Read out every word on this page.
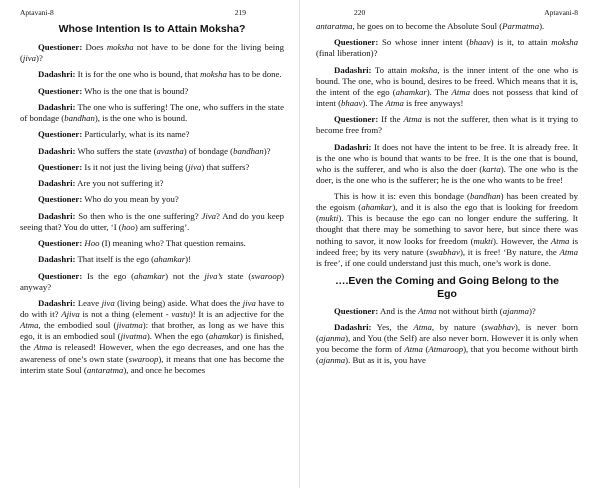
Aptavani-8	219
Whose Intention Is to Attain Moksha?

Questioner: Does moksha not have to be done for the living being (jiva)?

Dadashri: It is for the one who is bound, that moksha has to be done.

Questioner: Who is the one that is bound?

Dadashri: The one who is suffering! The one, who suffers in the state of bondage (bandhan), is the one who is bound.

Questioner: Particularly, what is its name?

Dadashri: Who suffers the state (avastha) of bondage (bandhan)?

Questioner: Is it not just the living being (jiva) that suffers?

Dadashri: Are you not suffering it?

Questioner: Who do you mean by you?

Dadashri: So then who is the one suffering? Jiva? And do you keep seeing that? You do utter, ‘I (hoo) am suffering’.

Questioner: Hoo (I) meaning who? That question remains.

Dadashri: That itself is the ego (ahamkar)!

Questioner: Is the ego (ahamkar) not the jiva’s state (swaroop) anyway?

Dadashri: Leave jiva (living being) aside. What does the jiva have to do with it? Ajiva is not a thing (element - vastu)! It is an adjective for the Atma, the embodied soul (jivatma): that brother, as long as we have this ego, it is an embodied soul (jivatma). When the ego (ahamkar) is finished, the Atma is released! However, when the ego decreases, and one has the awareness of one’s own state (swaroop), it means that one has become the interim state Soul (antaratma), and once he becomes

220	Aptavani-8

antaratma, he goes on to become the Absolute Soul (Parmatma).

Questioner: So whose inner intent (bhaav) is it, to attain moksha (final liberation)?

Dadashri: To attain moksha, is the inner intent of the one who is bound. The one, who is bound, desires to be freed. Which means that it is, the intent of the ego (ahamkar). The Atma does not possess that kind of intent (bhaav). The Atma is free anyways!

Questioner: If the Atma is not the sufferer, then what is it trying to become free from?

Dadashri: It does not have the intent to be free. It is already free. It is the one who is bound that wants to be free. It is the one that is bound, who is the sufferer, and who is also the doer (karta). The one who is the doer, is the one who is the sufferer; he is the one who wants to be free!

This is how it is: even this bondage (bandhan) has been created by the egoism (ahamkar), and it is also the ego that is looking for freedom (mukti). This is because the ego can no longer endure the suffering. It thought that there may be something to savor here, but since there was nothing to savor, it now looks for freedom (mukti). However, the Atma is indeed free; by its very nature (swabhav), it is free! ‘By nature, the Atma is free’, if one could understand just this much, one’s work is done.

….Even the Coming and Going Belong to the Ego

Questioner: And is the Atma not without birth (ajanma)?

Dadashri: Yes, the Atma, by nature (swabhav), is never born (ajanma), and You (the Self) are also never born. However it is only when you become the form of Atma (Atmaroop), that you become without birth (ajanma). But as it is, you have
